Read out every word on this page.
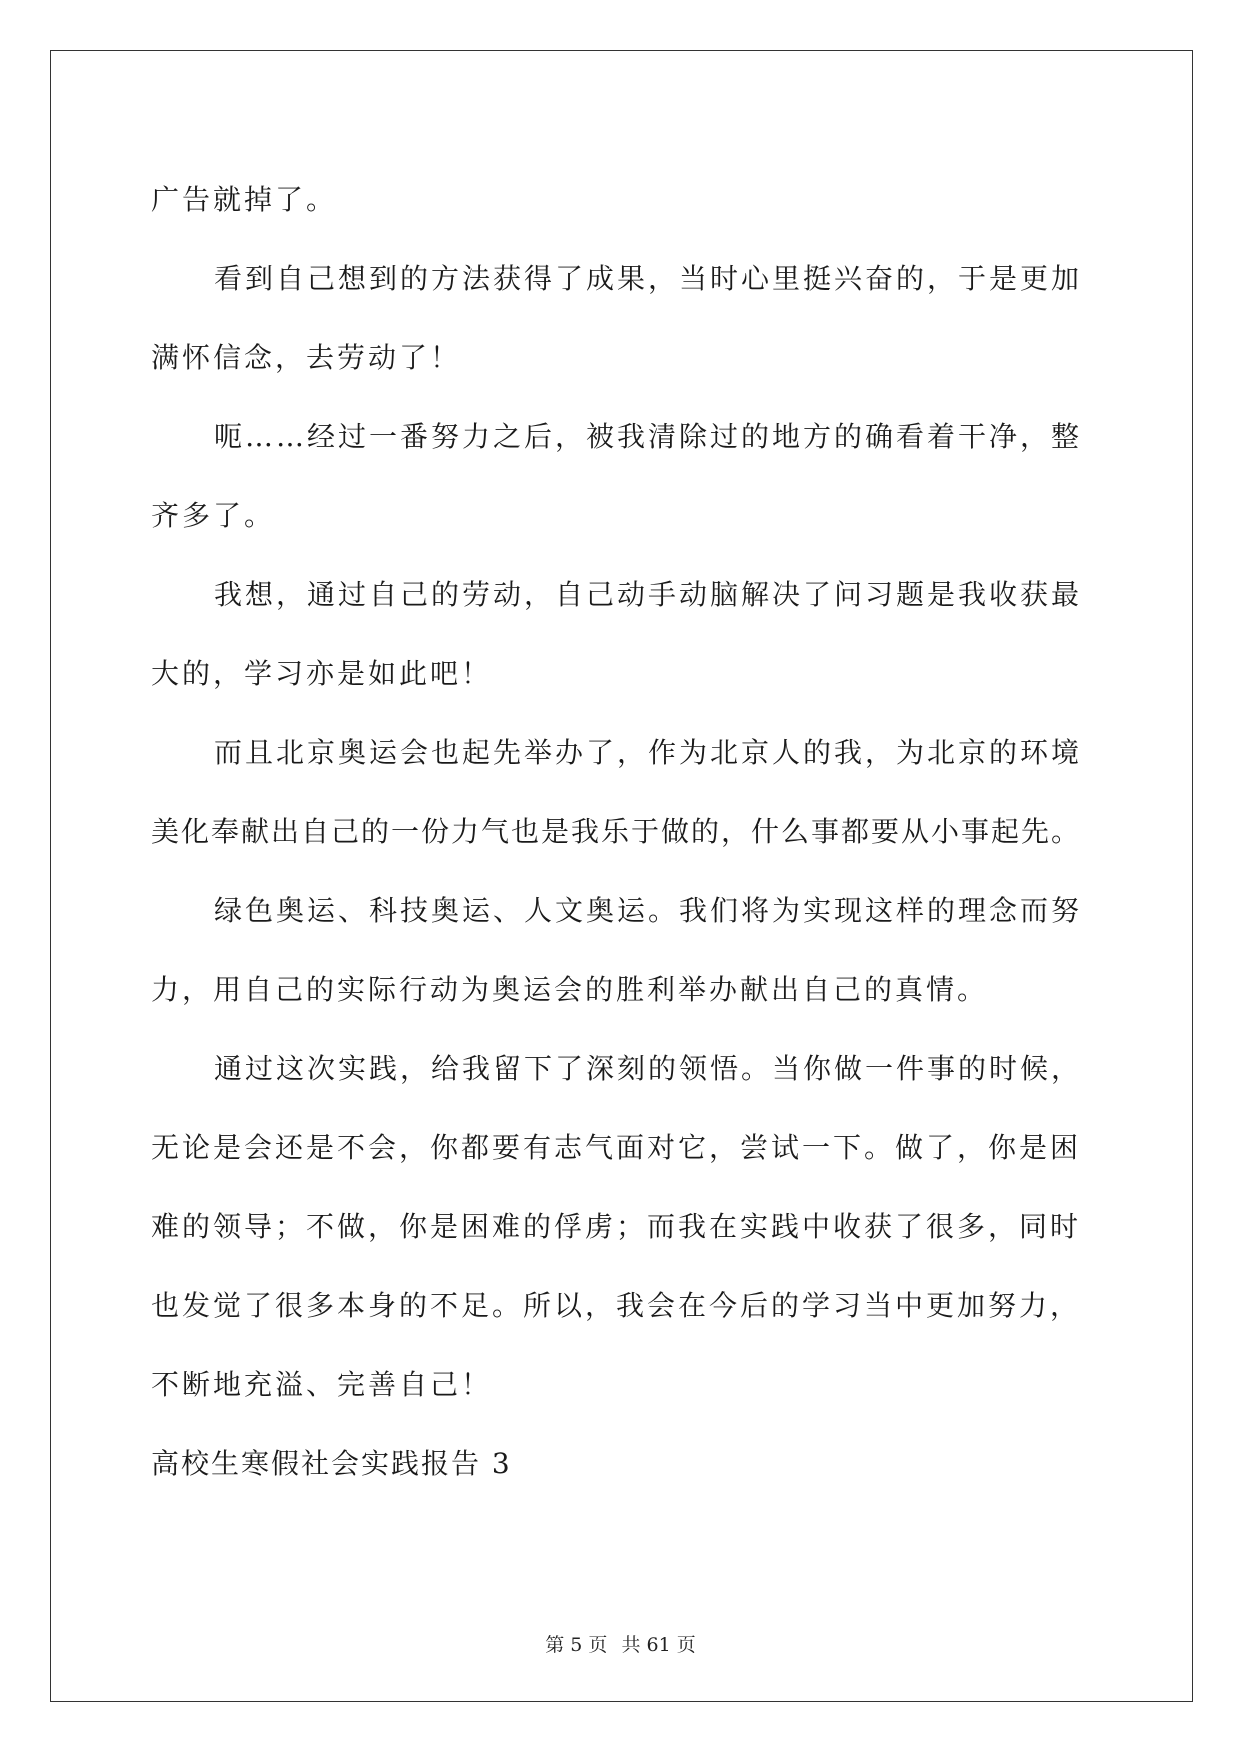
广告就掉了。
看到自己想到的方法获得了成果，当时心里挺兴奋的，于是更加
满怀信念，去劳动了！
呃……经过一番努力之后，被我清除过的地方的确看着干净，整
齐多了。
我想，通过自己的劳动，自己动手动脑解决了问习题是我收获最
大的，学习亦是如此吧！
而且北京奥运会也起先举办了，作为北京人的我，为北京的环境
美化奉献出自己的一份力气也是我乐于做的，什么事都要从小事起先。
绿色奥运、科技奥运、人文奥运。我们将为实现这样的理念而努
力，用自己的实际行动为奥运会的胜利举办献出自己的真情。
通过这次实践，给我留下了深刻的领悟。当你做一件事的时候，
无论是会还是不会，你都要有志气面对它，尝试一下。做了，你是困
难的领导；不做，你是困难的俘虏；而我在实践中收获了很多，同时
也发觉了很多本身的不足。所以，我会在今后的学习当中更加努力，
不断地充溢、完善自己！
高校生寒假社会实践报告 3
第 5 页 共 61 页
